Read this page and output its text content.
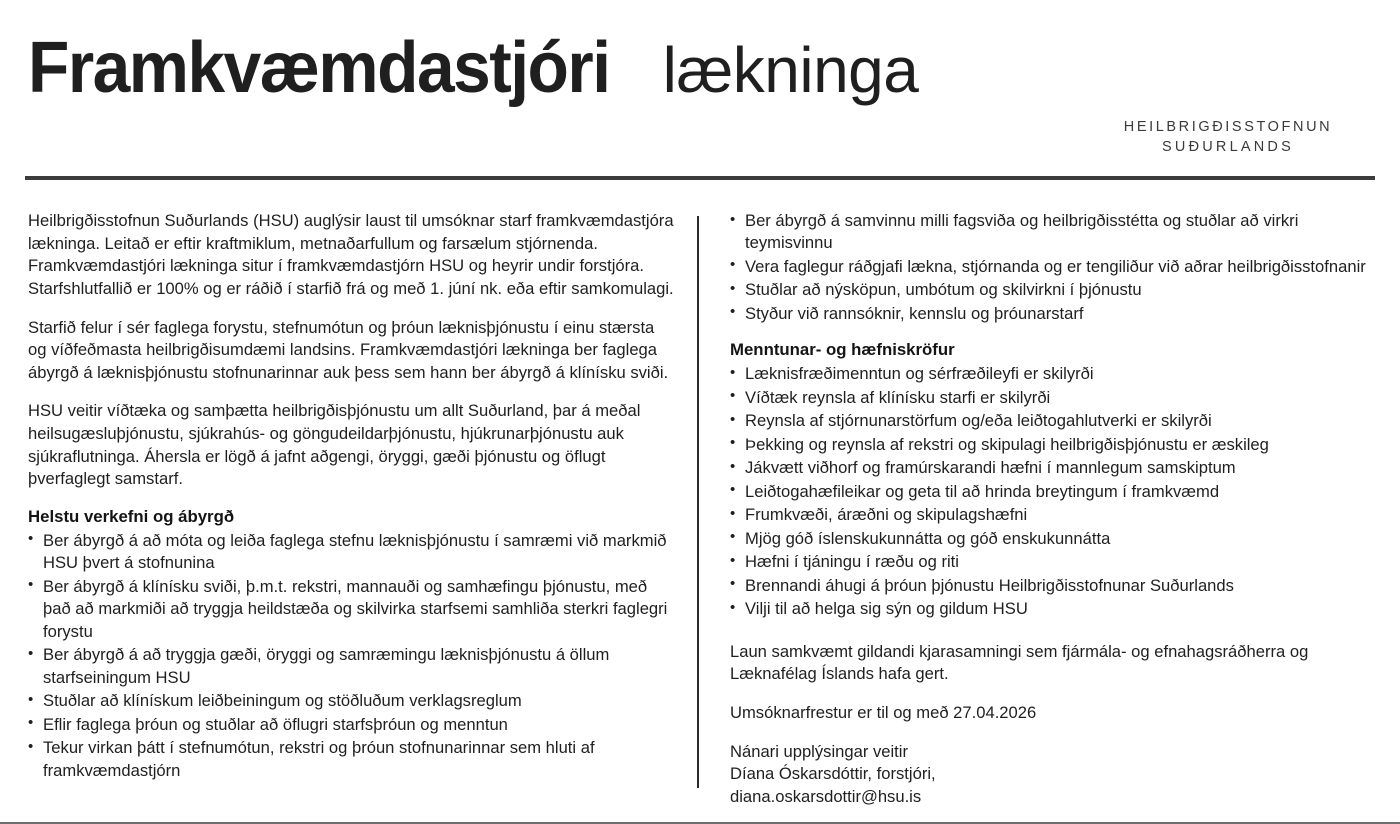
Framkvæmdastjóri lækninga
HEILBRIGÐISSTOFNUN
SUÐURLANDS

Heilbrigðisstofnun Suðurlands (HSU) auglýsir laust til umsóknar starf framkvæmdastjóra lækninga. Leitað er eftir kraftmiklum, metnaðarfullum og farsælum stjórnenda. Framkvæmdastjóri lækninga situr í framkvæmdastjórn HSU og heyrir undir forstjóra. Starfshlutfallið er 100% og er ráðið í starfið frá og með 1. júní nk. eða eftir samkomulagi.

Starfið felur í sér faglega forystu, stefnumótun og þróun læknisþjónustu í einu stærsta og víðfeðmasta heilbrigðisumdæmi landsins. Framkvæmdastjóri lækninga ber faglega ábyrgð á læknisþjónustu stofnunarinnar auk þess sem hann ber ábyrgð á klínísku sviði.

HSU veitir víðtæka og samþætta heilbrigðisþjónustu um allt Suðurland, þar á meðal heilsugæsluþjónustu, sjúkrahús- og göngudeildarþjónustu, hjúkrunarþjónustu auk sjúkraflutninga. Áhersla er lögð á jafnt aðgengi, öryggi, gæði þjónustu og öflugt þverfaglegt samstarf.

Helstu verkefni og ábyrgð
• Ber ábyrgð á að móta og leiða faglega stefnu læknisþjónustu í samræmi við markmið HSU þvert á stofnunina
• Ber ábyrgð á klínísku sviði, þ.m.t. rekstri, mannauði og samhæfingu þjónustu, með það að markmiði að tryggja heildstæða og skilvirka starfsemi samhliða sterkri faglegri forystu
• Ber ábyrgð á að tryggja gæði, öryggi og samræmingu læknisþjónustu á öllum starfseiningum HSU
• Stuðlar að klínískum leiðbeiningum og stöðluðum verklagsreglum
• Eflir faglega þróun og stuðlar að öflugri starfsþróun og menntun
• Tekur virkan þátt í stefnumótun, rekstri og þróun stofnunarinnar sem hluti af framkvæmdastjórn
• Ber ábyrgð á samvinnu milli fagsviða og heilbrigðisstétta og stuðlar að virkri teymisvinnu
• Vera faglegur ráðgjafi lækna, stjórnanda og er tengiliður við aðrar heilbrigðisstofnanir
• Stuðlar að nýsköpun, umbótum og skilvirkni í þjónustu
• Styður við rannsóknir, kennslu og þróunarstarf
Menntunar- og hæfniskröfur
• Læknisfræðimenntun og sérfræðileyfi er skilyrði
• Víðtæk reynsla af klínísku starfi er skilyrði
• Reynsla af stjórnunarstörfum og/eða leiðtogahlutverki er skilyrði
• Þekking og reynsla af rekstri og skipulagi heilbrigðisþjónustu er æskileg
• Jákvætt viðhorf og framúrskarandi hæfni í mannlegum samskiptum
• Leiðtogahæfileikar og geta til að hrinda breytingum í framkvæmd
• Frumkvæði, áræðni og skipulagshæfni
• Mjög góð íslenskukunnátta og góð enskukunnátta
• Hæfni í tjáningu í ræðu og riti
• Brennandi áhugi á þróun þjónustu Heilbrigðisstofnunar Suðurlands
• Vilji til að helga sig sýn og gildum HSU

Laun samkvæmt gildandi kjarasamningi sem fjármála- og efnahagsráðherra og Læknafélag Íslands hafa gert.

Umsóknarfrestur er til og með 27.04.2026

Nánari upplýsingar veitir
Díana Óskarsdóttir, forstjóri,
diana.oskarsdottir@hsu.is
